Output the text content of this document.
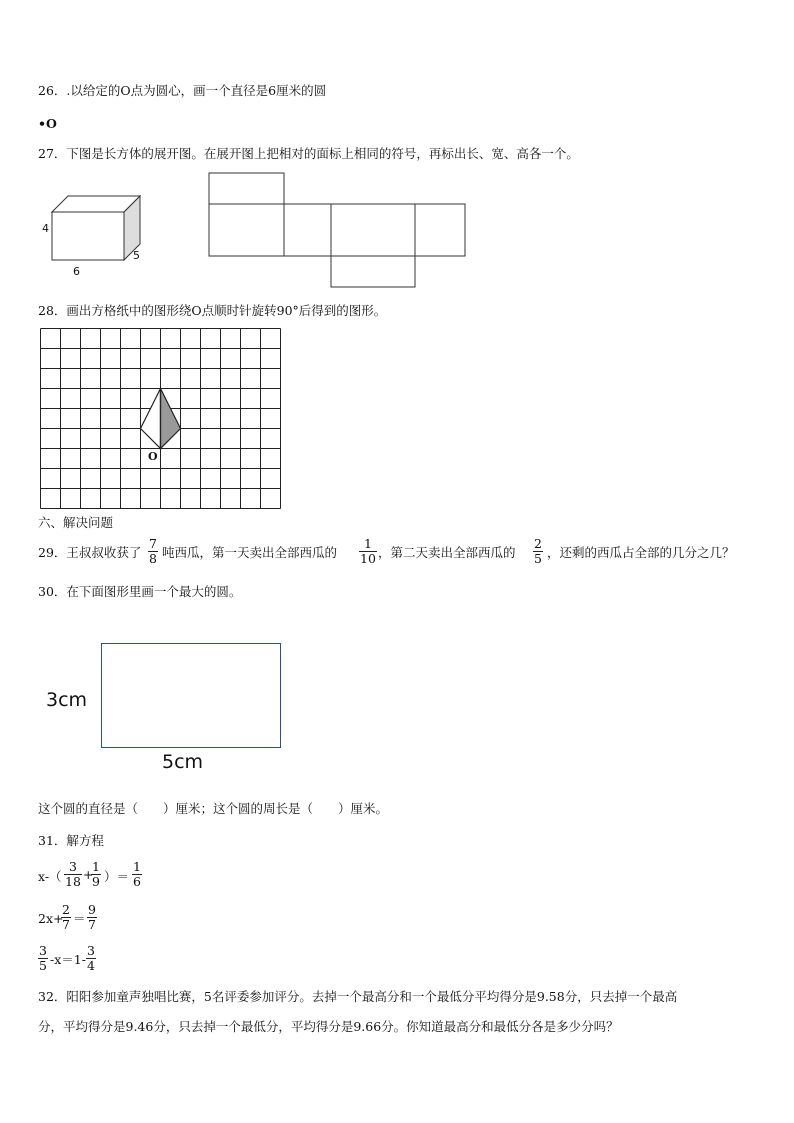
26．.以给定的O点为圆心，画一个直径是6厘米的圆
•O
27．下图是长方体的展开图。在展开图上把相对的面标上相同的符号，再标出长、宽、高各一个。
4
6
5
28．画出方格纸中的图形绕O点顺时针旋转90°后得到的图形。
O
六、解决问题
29．王叔叔收获了 $\frac{7}{8}$ 吨西瓜，第一天卖出全部西瓜的 $\frac{1}{10}$ ，第二天卖出全部西瓜的 $\frac{2}{5}$ ，还剩的西瓜占全部的几分之几？
30．在下面图形里画一个最大的圆。
3cm
5cm
这个圆的直径是（　　）厘米；这个圆的周长是（　　）厘米。
31．解方程
$x-( \frac{3}{18}$ +
$\frac{1}{9}$ ）＝ $\frac{1}{6}$
2x+
$\frac{2}{7} = \frac{9}{7}$
$\frac{3}{5} -x=1- \frac{3}{4}$
32．阳阳参加童声独唱比赛，5名评委参加评分。去掉一个最高分和一个最低分平均得分是9.58分，只去掉一个最高
分，平均得分是9.46分，只去掉一个最低分，平均得分是9.66分。你知道最高分和最低分各是多少分吗？
